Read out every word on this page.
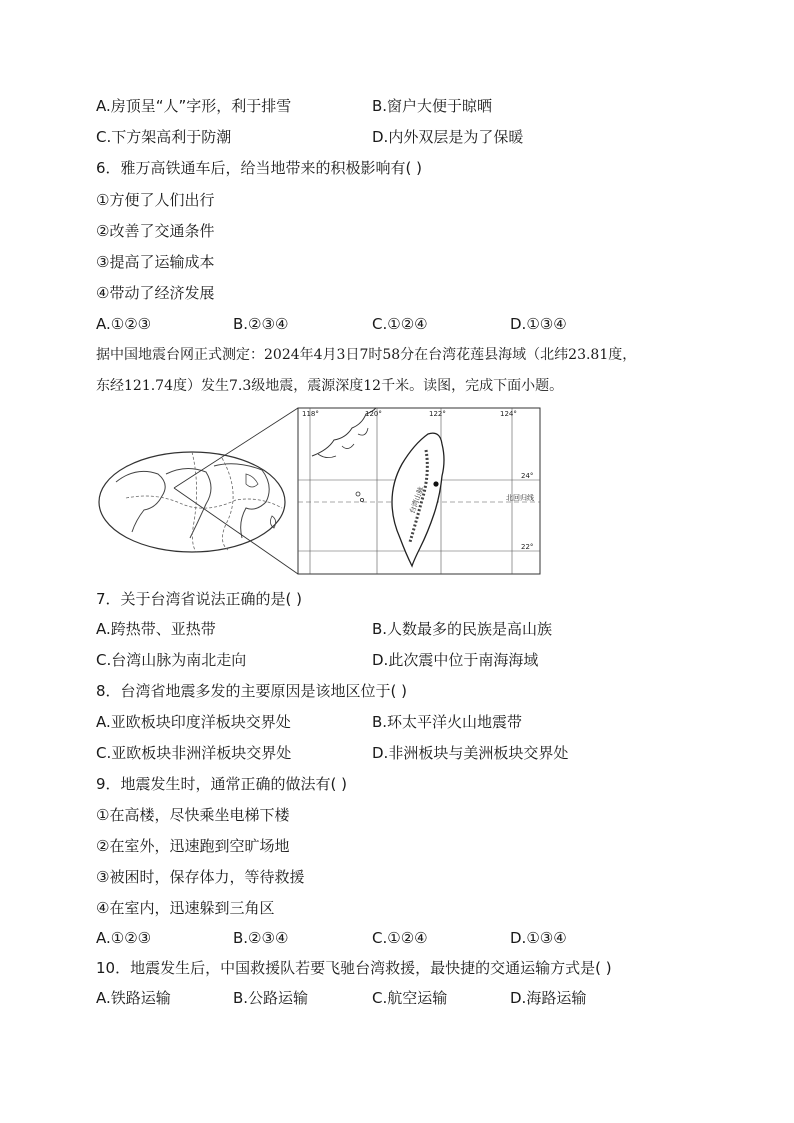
A.房顶呈“人”字形，利于排雪	B.窗户大便于晾晒
C.下方架高利于防潮	D.内外双层是为了保暖
6．雅万高铁通车后，给当地带来的积极影响有( )
①方便了人们出行
②改善了交通条件
③提高了运输成本
④带动了经济发展
A.①②③	B.②③④	C.①②④	D.①③④
据中国地震台网正式测定：2024年4月3日7时58分在台湾花莲县海域（北纬23.81度，
东经121.74度）发生7.3级地震，震源深度12千米。读图，完成下面小题。
118°	120°	122°	124°
24°
22°
北回归线
台湾山脉
7．关于台湾省说法正确的是( )
A.跨热带、亚热带	B.人数最多的民族是高山族
C.台湾山脉为南北走向	D.此次震中位于南海海域
8．台湾省地震多发的主要原因是该地区位于( )
A.亚欧板块印度洋板块交界处	B.环太平洋火山地震带
C.亚欧板块非洲洋板块交界处	D.非洲板块与美洲板块交界处
9．地震发生时，通常正确的做法有( )
①在高楼，尽快乘坐电梯下楼
②在室外，迅速跑到空旷场地
③被困时，保存体力，等待救援
④在室内，迅速躲到三角区
A.①②③	B.②③④	C.①②④	D.①③④
10．地震发生后，中国救援队若要飞驰台湾救援，最快捷的交通运输方式是( )
A.铁路运输	B.公路运输	C.航空运输	D.海路运输
